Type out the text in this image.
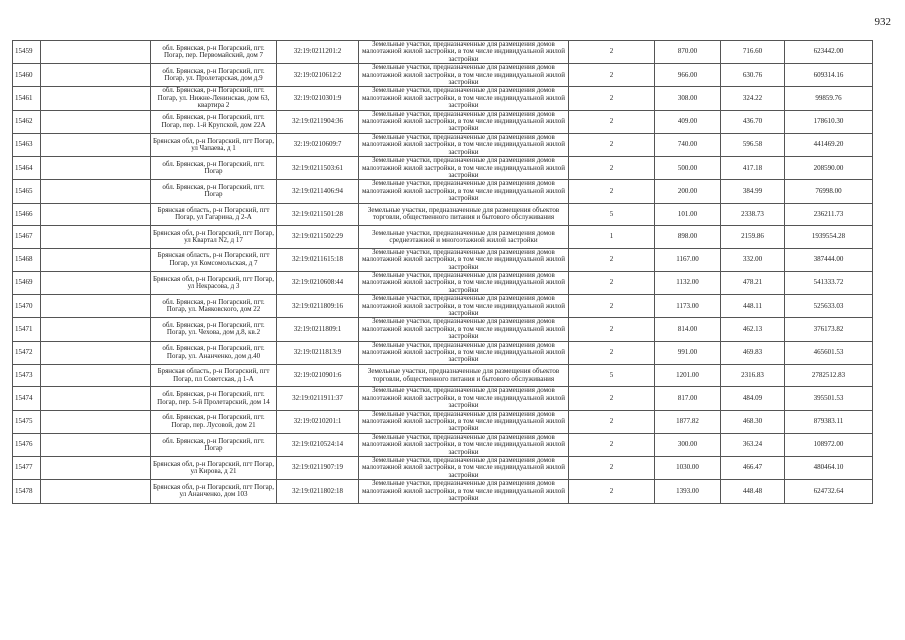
932
15459		обл. Брянская, р-н Погарский, пгт. Погар, пер. Первомайский, дом 7	32:19:0211201:2	Земельные участки, предназначенные для размещения домов малоэтажной жилой застройки, в том числе индивидуальной жилой застройки	2	870.00	716.60	623442.00
15460		обл. Брянская, р-н Погарский, пгт. Погар, ул. Пролетарская, дом д.9	32:19:0210612:2	Земельные участки, предназначенные для размещения домов малоэтажной жилой застройки, в том числе индивидуальной жилой застройки	2	966.00	630.76	609314.16
15461		обл. Брянская, р-н Погарский, пгт. Погар, ул. Нижне-Ленинская, дом 63, квартира 2	32:19:0210301:9	Земельные участки, предназначенные для размещения домов малоэтажной жилой застройки, в том числе индивидуальной жилой застройки	2	308.00	324.22	99859.76
15462		обл. Брянская, р-н Погарский, пгт. Погар, пер. 1-й Крупской, дом 22А	32:19:0211904:36	Земельные участки, предназначенные для размещения домов малоэтажной жилой застройки, в том числе индивидуальной жилой застройки	2	409.00	436.70	178610.30
15463		Брянская обл, р-н Погарский, пгт Погар, ул Чапаева, д 1	32:19:0210609:7	Земельные участки, предназначенные для размещения домов малоэтажной жилой застройки, в том числе индивидуальной жилой застройки	2	740.00	596.58	441469.20
15464		обл. Брянская, р-н Погарский, пгт. Погар	32:19:0211503:61	Земельные участки, предназначенные для размещения домов малоэтажной жилой застройки, в том числе индивидуальной жилой застройки	2	500.00	417.18	208590.00
15465		обл. Брянская, р-н Погарский, пгт. Погар	32:19:0211406:94	Земельные участки, предназначенные для размещения домов малоэтажной жилой застройки, в том числе индивидуальной жилой застройки	2	200.00	384.99	76998.00
15466		Брянская область, р-н Погарский, пгт Погар, ул Гагарина, д 2-А	32:19:0211501:28	Земельные участки, предназначенные для размещения объектов торговли, общественного питания и бытового обслуживания	5	101.00	2338.73	236211.73
15467		Брянская обл, р-н Погарский, пгт Погар, ул Квартал N2, д 17	32:19:0211502:29	Земельные участки, предназначенные для размещения домов среднеэтажной и многоэтажной жилой застройки	1	898.00	2159.86	1939554.28
15468		Брянская область, р-н Погарский, пгт Погар, ул Комсомольская, д 7	32:19:0211615:18	Земельные участки, предназначенные для размещения домов малоэтажной жилой застройки, в том числе индивидуальной жилой застройки	2	1167.00	332.00	387444.00
15469		Брянская обл, р-н Погарский, пгт Погар, ул Некрасова, д 3	32:19:0210608:44	Земельные участки, предназначенные для размещения домов малоэтажной жилой застройки, в том числе индивидуальной жилой застройки	2	1132.00	478.21	541333.72
15470		обл. Брянская, р-н Погарский, пгт. Погар, ул. Маяковского, дом 22	32:19:0211809:16	Земельные участки, предназначенные для размещения домов малоэтажной жилой застройки, в том числе индивидуальной жилой застройки	2	1173.00	448.11	525633.03
15471		обл. Брянская, р-н Погарский, пгт. Погар, ул. Чехова, дом д.8, кв.2	32:19:0211809:1	Земельные участки, предназначенные для размещения домов малоэтажной жилой застройки, в том числе индивидуальной жилой застройки	2	814.00	462.13	376173.82
15472		обл. Брянская, р-н Погарский, пгт. Погар, ул. Ананченко, дом д.40	32:19:0211813:9	Земельные участки, предназначенные для размещения домов малоэтажной жилой застройки, в том числе индивидуальной жилой застройки	2	991.00	469.83	465601.53
15473		Брянская область, р-н Погарский, пгт Погар, пл Советская, д 1-А	32:19:0210901:6	Земельные участки, предназначенные для размещения объектов торговли, общественного питания и бытового обслуживания	5	1201.00	2316.83	2782512.83
15474		обл. Брянская, р-н Погарский, пгт. Погар, пер. 5-й Пролетарский, дом 14	32:19:0211911:37	Земельные участки, предназначенные для размещения домов малоэтажной жилой застройки, в том числе индивидуальной жилой застройки	2	817.00	484.09	395501.53
15475		обл. Брянская, р-н Погарский, пгт. Погар, пер. Лусовой, дом 21	32:19:0210201:1	Земельные участки, предназначенные для размещения домов малоэтажной жилой застройки, в том числе индивидуальной жилой застройки	2	1877.82	468.30	879383.11
15476		обл. Брянская, р-н Погарский, пгт. Погар	32:19:0210524:14	Земельные участки, предназначенные для размещения домов малоэтажной жилой застройки, в том числе индивидуальной жилой застройки	2	300.00	363.24	108972.00
15477		Брянская обл, р-н Погарский, пгт Погар, ул Кирова, д 21	32:19:0211907:19	Земельные участки, предназначенные для размещения домов малоэтажной жилой застройки, в том числе индивидуальной жилой застройки	2	1030.00	466.47	480464.10
15478		Брянская обл, р-н Погарский, пгт Погар, ул Ананченко, дом 103	32:19:0211802:18	Земельные участки, предназначенные для размещения домов малоэтажной жилой застройки, в том числе индивидуальной жилой застройки	2	1393.00	448.48	624732.64
